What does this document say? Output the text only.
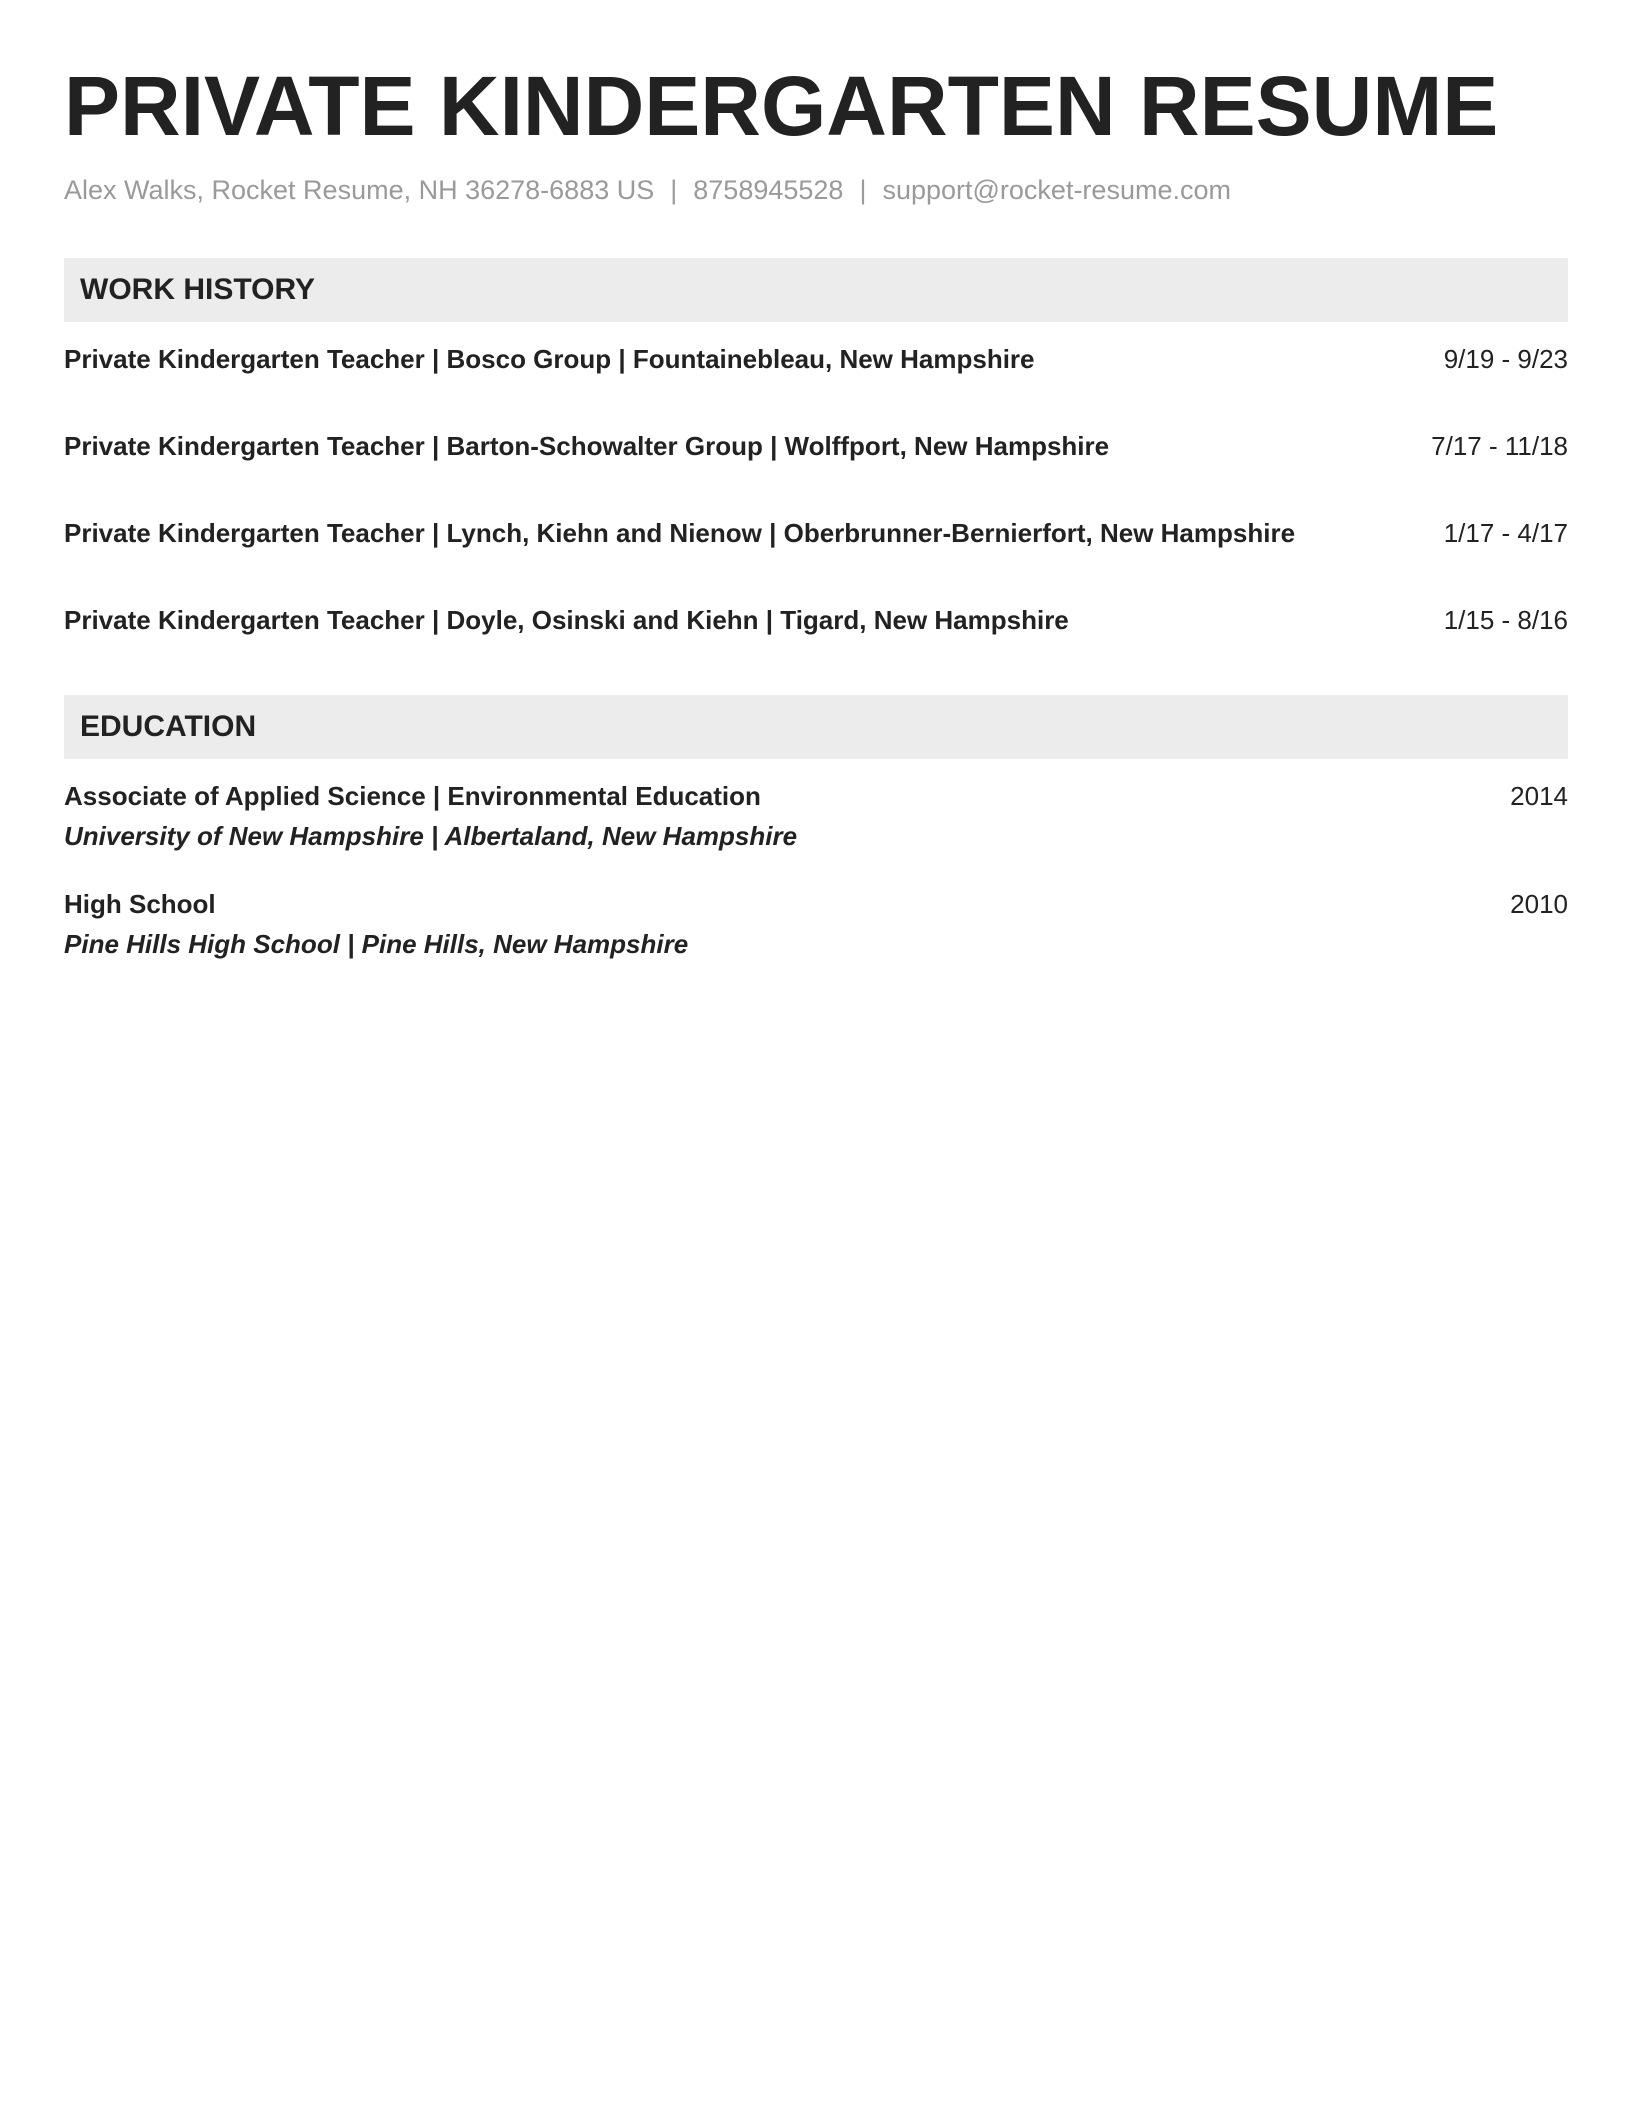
PRIVATE KINDERGARTEN RESUME
Alex Walks, Rocket Resume, NH 36278-6883 US | 8758945528 | support@rocket-resume.com
WORK HISTORY
Private Kindergarten Teacher | Bosco Group | Fountainebleau, New Hampshire	9/19 - 9/23
Private Kindergarten Teacher | Barton-Schowalter Group | Wolffport, New Hampshire	7/17 - 11/18
Private Kindergarten Teacher | Lynch, Kiehn and Nienow | Oberbrunner-Bernierfort, New Hampshire	1/17 - 4/17
Private Kindergarten Teacher | Doyle, Osinski and Kiehn | Tigard, New Hampshire	1/15 - 8/16
EDUCATION
Associate of Applied Science | Environmental Education	2014
University of New Hampshire | Albertaland, New Hampshire
High School	2010
Pine Hills High School | Pine Hills, New Hampshire
